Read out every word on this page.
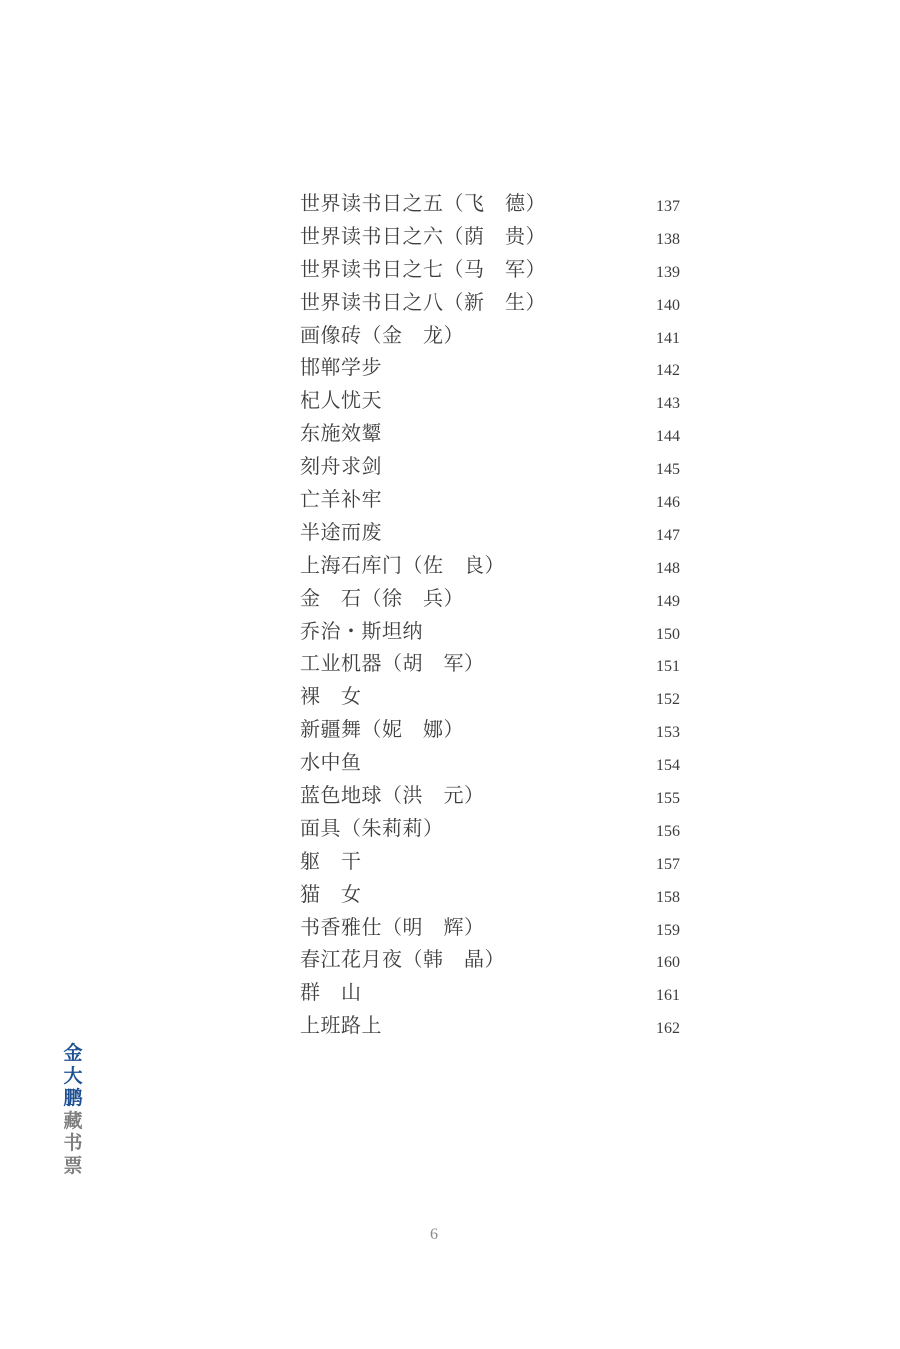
世界读书日之五（飞　德）	137
世界读书日之六（荫　贵）	138
世界读书日之七（马　军）	139
世界读书日之八（新　生）	140
画像砖（金　龙）	141
邯郸学步	142
杞人忧天	143
东施效颦	144
刻舟求剑	145
亡羊补牢	146
半途而废	147
上海石库门（佐　良）	148
金　石（徐　兵）	149
乔治・斯坦纳	150
工业机器（胡　军）	151
裸　女	152
新疆舞（妮　娜）	153
水中鱼	154
蓝色地球（洪　元）	155
面具（朱莉莉）	156
躯　干	157
猫　女	158
书香雅仕（明　辉）	159
春江花月夜（韩　晶）	160
群　山	161
上班路上	162
金
大
鹏
藏
书
票
6
